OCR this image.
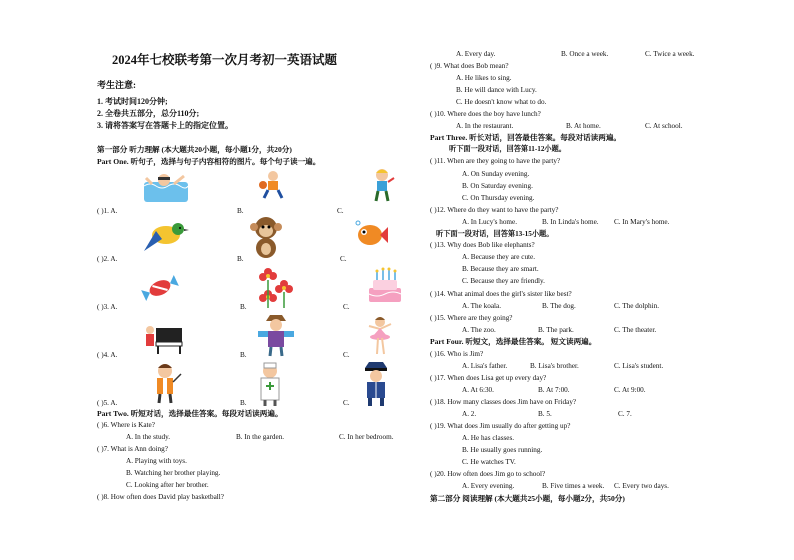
2024年七校联考第一次月考初一英语试题
考生注意:
1. 考试时间120分钟;
2. 全卷共五部分，总分110分;
3. 请将答案写在答题卡上的指定位置。
第一部分 听力理解 (本大题共20小题，每小题1分，共20分)
Part One. 听句子，选择与句子内容相符的图片。每个句子读一遍。
( )1. A.	B.	C.
( )2. A.	B.	C.
( )3. A.	B.	C.
( )4. A.	B.	C.
( )5. A.	B.	C.
Part Two. 听短对话，选择最佳答案。每段对话读两遍。
( )6. Where is Kate?
A. In the study.	B. In the garden.	C. In her bedroom.
( )7. What is Ann doing?
A. Playing with toys.
B. Watching her brother playing.
C. Looking after her brother.
( )8. How often does David play basketball?
A. Every day.	B. Once a week.	C. Twice a week.
( )9. What does Bob mean?
A. He likes to sing.
B. He will dance with Lucy.
C. He doesn't know what to do.
( )10. Where does the boy have lunch?
A. In the restaurant.	B. At home.	C. At school.
Part Three. 听长对话，回答最佳答案。每段对话读两遍。
听下面一段对话，回答第11-12小题。
( )11. When are they going to have the party?
A. On Sunday evening.
B. On Saturday evening.
C. On Thursday evening.
( )12. Where do they want to have the party?
A. In Lucy's home.	B. In Linda's home. C. In Mary's home.
听下面一段对话，回答第13-15小题。
( )13. Why does Bob like elephants?
A. Because they are cute.
B. Because they are smart.
C. Because they are friendly.
( )14. What animal does the girl's sister like best?
A. The koala.	B. The dog.	C. The dolphin.
( )15. Where are they going?
A. The zoo.	B. The park.	C. The theater.
Part Four. 听短文，选择最佳答案。 短文读两遍。
( )16. Who is Jim?
A. Lisa's father.	B. Lisa's brother.	C. Lisa's student.
( )17. When does Lisa get up every day?
A. At 6:30.	B. At 7:00.	C. At 9:00.
( )18. How many classes does Jim have on Friday?
A. 2.	B. 5.	C. 7.
( )19. What does Jim usually do after getting up?
A. He has classes.
B. He usually goes running.
C. He watches TV.
( )20. How often does Jim go to school?
A. Every evening.	B. Five times a week. C. Every two days.
第二部分 阅读理解 (本大题共25小题，每小题2分，共50分)
